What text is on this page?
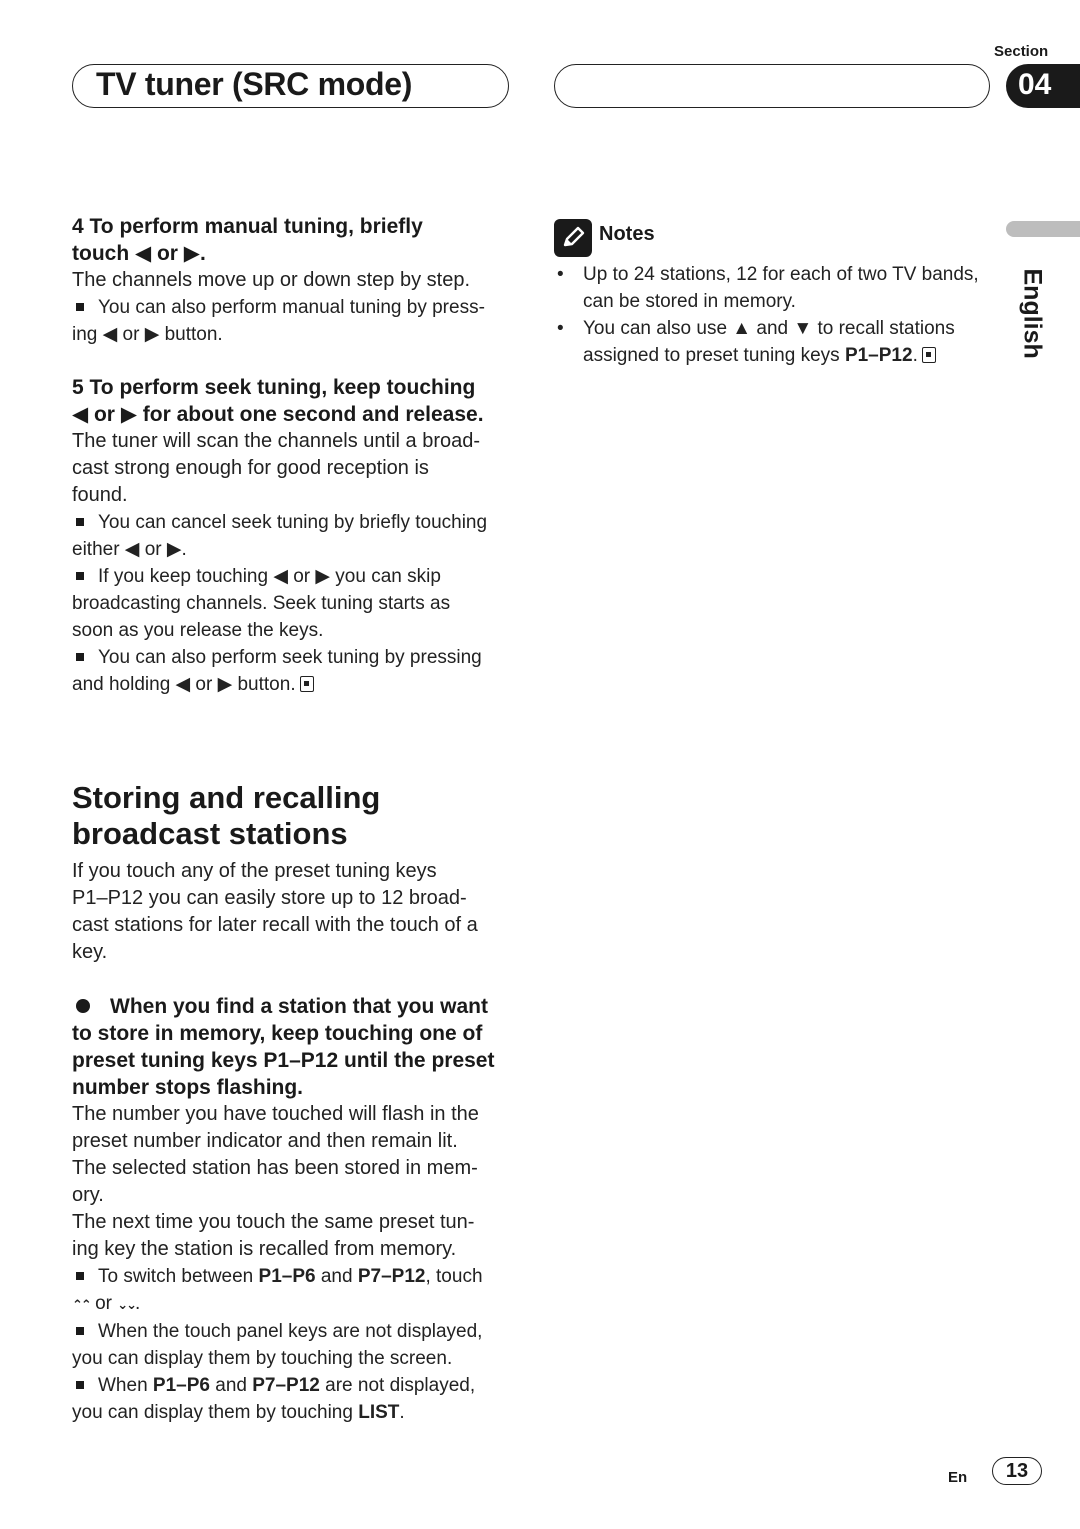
TV tuner (SRC mode)
Section
04
English

4 To perform manual tuning, briefly

touch ◀ or ▶.

The channels move up or down step by step.

You can also perform manual tuning by press-

ing ◀ or ▶ button.

5 To perform seek tuning, keep touching

◀ or ▶ for about one second and release.

The tuner will scan the channels until a broad-

cast strong enough for good reception is

found.

You can cancel seek tuning by briefly touching

either ◀ or ▶.

If you keep touching ◀ or ▶ you can skip

broadcasting channels. Seek tuning starts as

soon as you release the keys.

You can also perform seek tuning by pressing

and holding ◀ or ▶ button.

Storing and recalling

broadcast stations

If you touch any of the preset tuning keys

P1–P12 you can easily store up to 12 broad-

cast stations for later recall with the touch of a

key.

When you find a station that you want

to store in memory, keep touching one of

preset tuning keys P1–P12 until the preset

number stops flashing.

The number you have touched will flash in the

preset number indicator and then remain lit.

The selected station has been stored in mem-

ory.

The next time you touch the same preset tun-

ing key the station is recalled from memory.

To switch between P1–P6 and P7–P12, touch

⌃⌃ or ⌄⌄.

When the touch panel keys are not displayed,

you can display them by touching the screen.

When P1–P6 and P7–P12 are not displayed,

you can display them by touching LIST.

Notes
• Up to 24 stations, 12 for each of two TV bands,
can be stored in memory.
• You can also use ▲ and ▼ to recall stations
assigned to preset tuning keys P1–P12.
En	13
